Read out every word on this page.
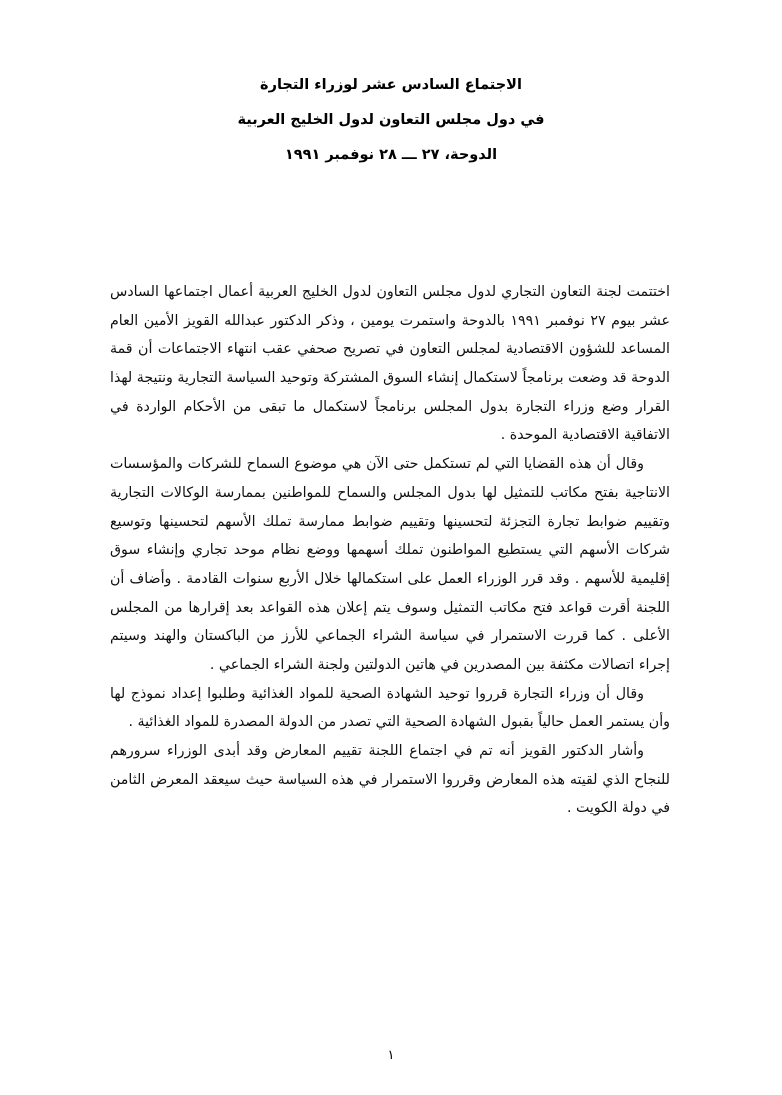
الاجتماع السادس عشر لوزراء التجارة
في دول مجلس التعاون لدول الخليج العربية
الدوحة، ٢٧ ـــ ٢٨ نوفمبر ١٩٩١

اختتمت لجنة التعاون التجاري لدول مجلس التعاون لدول الخليج العربية أعمال اجتماعها السادس عشر بيوم ٢٧ نوفمبر ١٩٩١ بالدوحة واستمرت يومين ، وذكر الدكتور عبدالله القويز الأمين العام المساعد للشؤون الاقتصادية لمجلس التعاون في تصريح صحفي عقب انتهاء الاجتماعات أن قمة الدوحة قد وضعت برنامجاً لاستكمال إنشاء السوق المشتركة وتوحيد السياسة التجارية ونتيجة لهذا القرار وضع وزراء التجارة بدول المجلس برنامجاً لاستكمال ما تبقى من الأحكام الواردة في الاتفاقية الاقتصادية الموحدة .

وقال أن هذه القضايا التي لم تستكمل حتى الآن هي موضوع السماح للشركات والمؤسسات الانتاجية بفتح مكاتب للتمثيل لها بدول المجلس والسماح للمواطنين بممارسة الوكالات التجارية وتقييم ضوابط تجارة التجزئة لتحسينها وتقييم ضوابط ممارسة تملك الأسهم لتحسينها وتوسيع شركات الأسهم التي يستطيع المواطنون تملك أسهمها ووضع نظام موحد تجاري وإنشاء سوق إقليمية للأسهم . وقد قرر الوزراء العمل على استكمالها خلال الأربع سنوات القادمة . وأضاف أن اللجنة أقرت قواعد فتح مكاتب التمثيل وسوف يتم إعلان هذه القواعد بعد إقرارها من المجلس الأعلى . كما قررت الاستمرار في سياسة الشراء الجماعي للأرز من الباكستان والهند وسيتم إجراء اتصالات مكثفة بين المصدرين في هاتين الدولتين ولجنة الشراء الجماعي .

وقال أن وزراء التجارة قرروا توحيد الشهادة الصحية للمواد الغذائية وطلبوا إعداد نموذج لها وأن يستمر العمل حالياً بقبول الشهادة الصحية التي تصدر من الدولة المصدرة للمواد الغذائية .

وأشار الدكتور القويز أنه تم في اجتماع اللجنة تقييم المعارض وقد أبدى الوزراء سرورهم للنجاح الذي لقيته هذه المعارض وقرروا الاستمرار في هذه السياسة حيث سيعقد المعرض الثامن في دولة الكويت .

١
